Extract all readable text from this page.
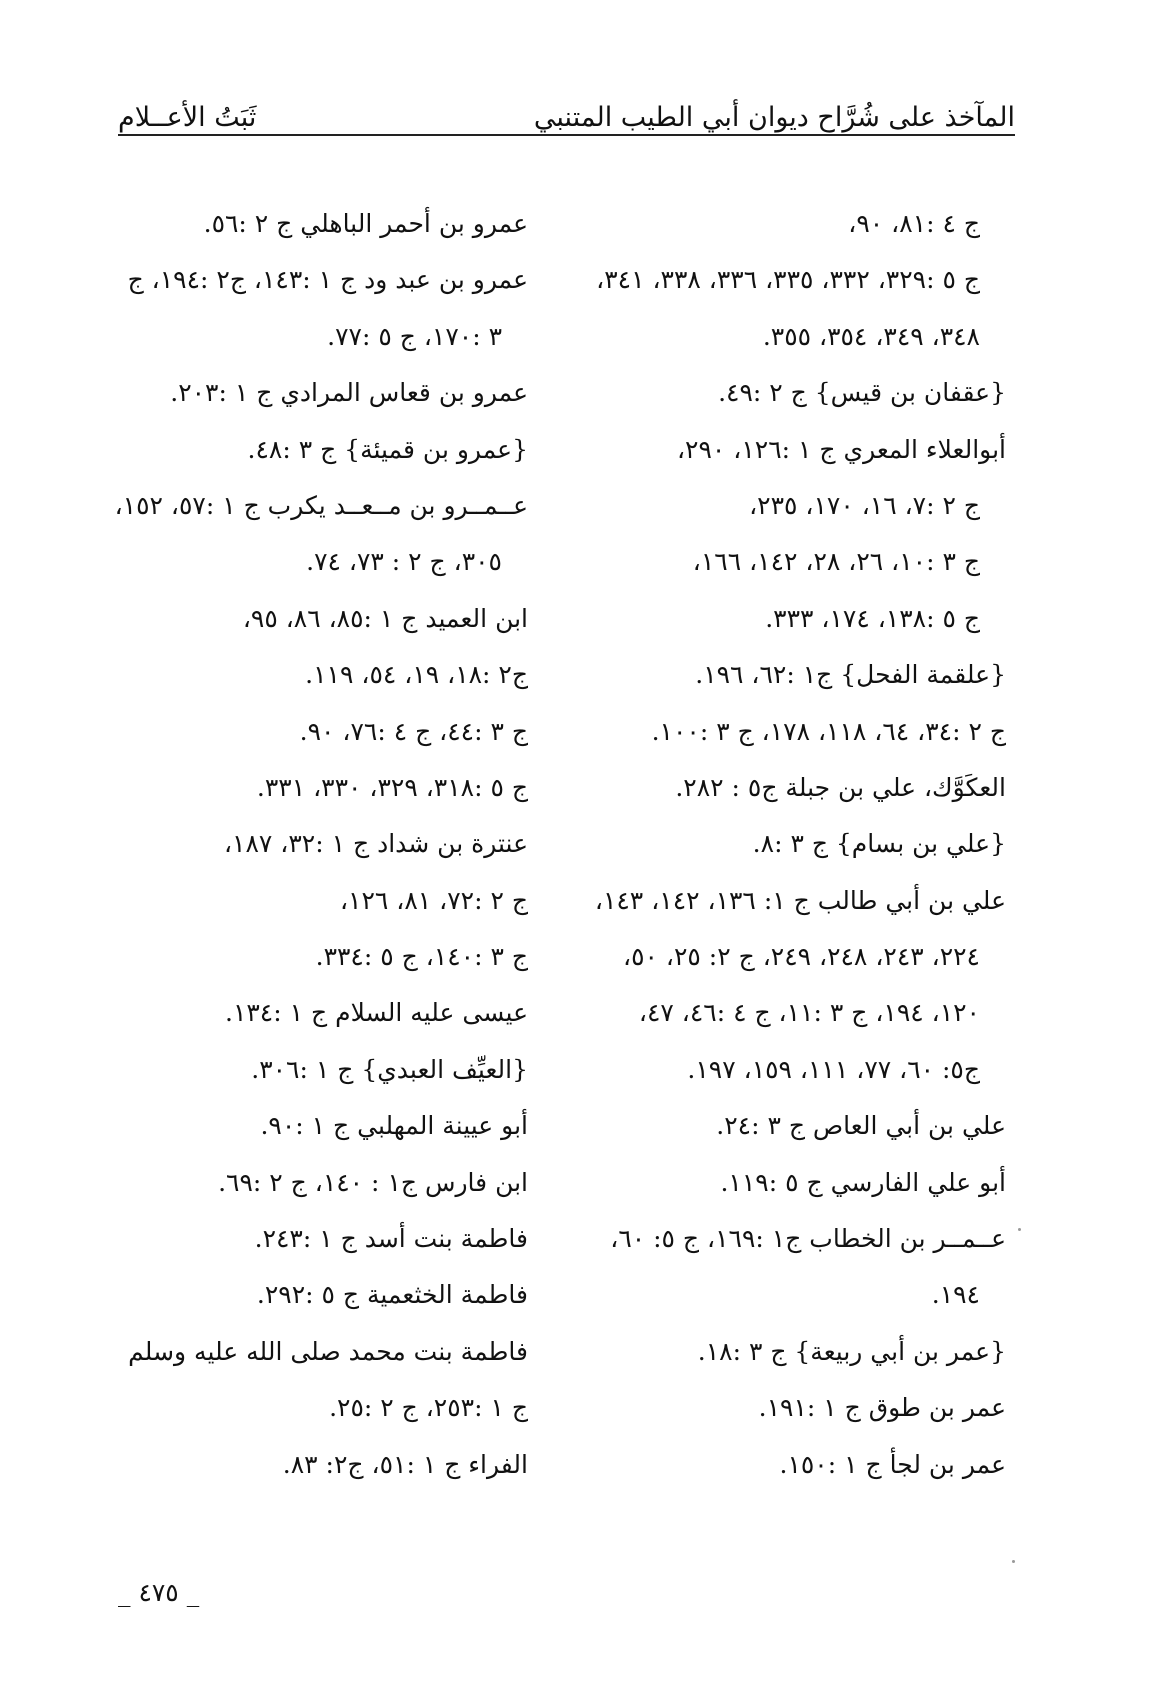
المآخذ على شُرَّاح ديوان أبي الطيب المتنبي
ثَبَتُ الأعــلام
ج ٤ :٨١، ٩٠،
ج ٥ :٣٢٩، ٣٣٢، ٣٣٥، ٣٣٦، ٣٣٨، ٣٤١،
٣٤٨، ٣٤٩، ٣٥٤، ٣٥٥.
{عقفان بن قيس} ج ٢ :٤٩.
أبوالعلاء المعري ج ١ :١٢٦، ٢٩٠،
ج ٢ :٧، ١٦، ١٧٠، ٢٣٥،
ج ٣ :١٠، ٢٦، ٢٨، ١٤٢، ١٦٦،
ج ٥ :١٣٨، ١٧٤، ٣٣٣.
{علقمة الفحل} ج١ :٦٢، ١٩٦.
ج ٢ :٣٤، ٦٤، ١١٨، ١٧٨، ج ٣ :١٠٠.
العكَوَّك، علي بن جبلة ج٥ : ٢٨٢.
{علي بن بسام} ج ٣ :٨.
علي بن أبي طالب ج ١: ١٣٦، ١٤٢، ١٤٣،
٢٢٤، ٢٤٣، ٢٤٨، ٢٤٩، ج ٢: ٢٥، ٥٠،
١٢٠، ١٩٤، ج ٣ :١١، ج ٤ :٤٦، ٤٧،
ج٥: ٦٠، ٧٧، ١١١، ١٥٩، ١٩٧.
علي بن أبي العاص ج ٣ :٢٤.
أبو علي الفارسي ج ٥ :١١٩.
عــمــر بن الخطاب ج١ :١٦٩، ج ٥: ٦٠،
١٩٤.
{عمر بن أبي ربيعة} ج ٣ :١٨.
عمر بن طوق ج ١ :١٩١.
عمر بن لجأ ج ١ :١٥٠.
عمرو بن أحمر الباهلي ج ٢ :٥٦.
عمرو بن عبد ود ج ١ :١٤٣، ج٢ :١٩٤، ج
٣ :١٧٠، ج ٥ :٧٧.
عمرو بن قعاس المرادي ج ١ :٢٠٣.
{عمرو بن قميئة} ج ٣ :٤٨.
عــمــرو بن مــعــد يكرب ج ١ :٥٧، ١٥٢،
٣٠٥، ج ٢ : ٧٣، ٧٤.
ابن العميد ج ١ :٨٥، ٨٦، ٩٥،
ج٢ :١٨، ١٩، ٥٤، ١١٩.
ج ٣ :٤٤، ج ٤ :٧٦، ٩٠.
ج ٥ :٣١٨، ٣٢٩، ٣٣٠، ٣٣١.
عنترة بن شداد ج ١ :٣٢، ١٨٧،
ج ٢ :٧٢، ٨١، ١٢٦،
ج ٣ :١٤٠، ج ٥ :٣٣٤.
عيسى عليه السلام ج ١ :١٣٤.
{العيِّف العبدي} ج ١ :٣٠٦.
أبو عيينة المهلبي ج ١ :٩٠.
ابن فارس ج١ : ١٤٠، ج ٢ :٦٩.
فاطمة بنت أسد ج ١ :٢٤٣.
فاطمة الخثعمية ج ٥ :٢٩٢.
فاطمة بنت محمد صلى الله عليه وسلم
ج ١ :٢٥٣، ج ٢ :٢٥.
الفراء ج ١ :٥١، ج٢: ٨٣.
_ ٤٧٥ _
